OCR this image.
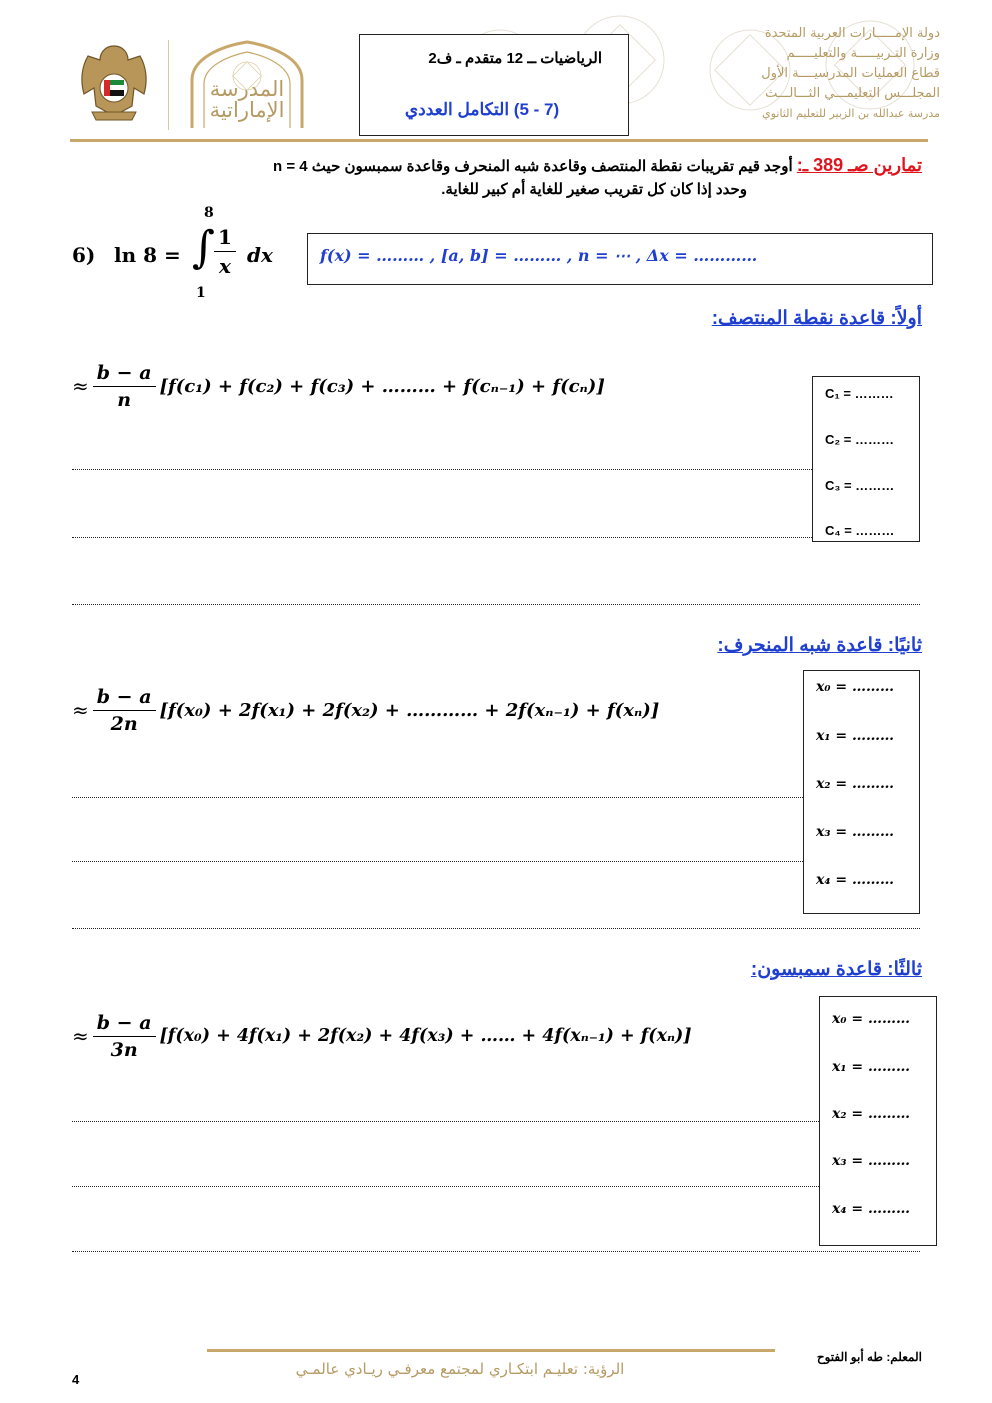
المدرسة
الإماراتية
الرياضيات ــ 12 متقدم ـ ف2
(7 - 5) التكامل العددي
دولة الإمـــــارات العربية المتحدة
وزارة التـربيـــــة والتعليـــــم
قطاع العمليات المدرسيــــة الأول
المجلـــس التعليمـــي الثـــالـــث
مدرسة عبدالله بن الزبير للتعليم الثانوي
تمارين صـ 389 ـ: أوجد قيم تقريبات نقطة المنتصف وقاعدة شبه المنحرف وقاعدة سمبسون حيث n = 4
وحدد إذا كان كل تقريب صغير للغاية أم كبير للغاية.
6) ln 8 =
8
∫
1
$\frac{1}{x}$ dx	f(x) = ……… , [a, b] = ……… , n = ⋯ , Δx = …………
أولاً: قاعدة نقطة المنتصف:
≈ $\frac{b - a}{n} [f(c_1) + f(c_2) + f(c_3)$ + ……… + f(cₙ₋₁) + f(cₙ)]	C₁ = ………
C₂ = ………
C₃ = ………
C₄ = ………
ثانيًا: قاعدة شبه المنحرف:
≈ $\frac{b - a}{2n} [f(x_0) + 2f(x_1) + 2f(x_2)$ + ………… + 2f(xₙ₋₁) + f(xₙ)]
x₀ = ………
x₁ = ………
x₂ = ………
x₃ = ………
x₄ = ………
ثالثًا: قاعدة سمبسون:
≈ $\frac{b - a}{3n} [f(x_0) + 4f(x_1) + 2f(x_2) + 4f(x_3)$ + …… + 4f(xₙ₋₁) + f(xₙ)]
x₀ = ………
x₁ = ………
x₂ = ………
x₃ = ………
x₄ = ………
الرؤية: تعليـم ابتكـاري لمجتمع معرفـي ريـادي عالمـي
المعلم: طه أبو الفتوح
4
